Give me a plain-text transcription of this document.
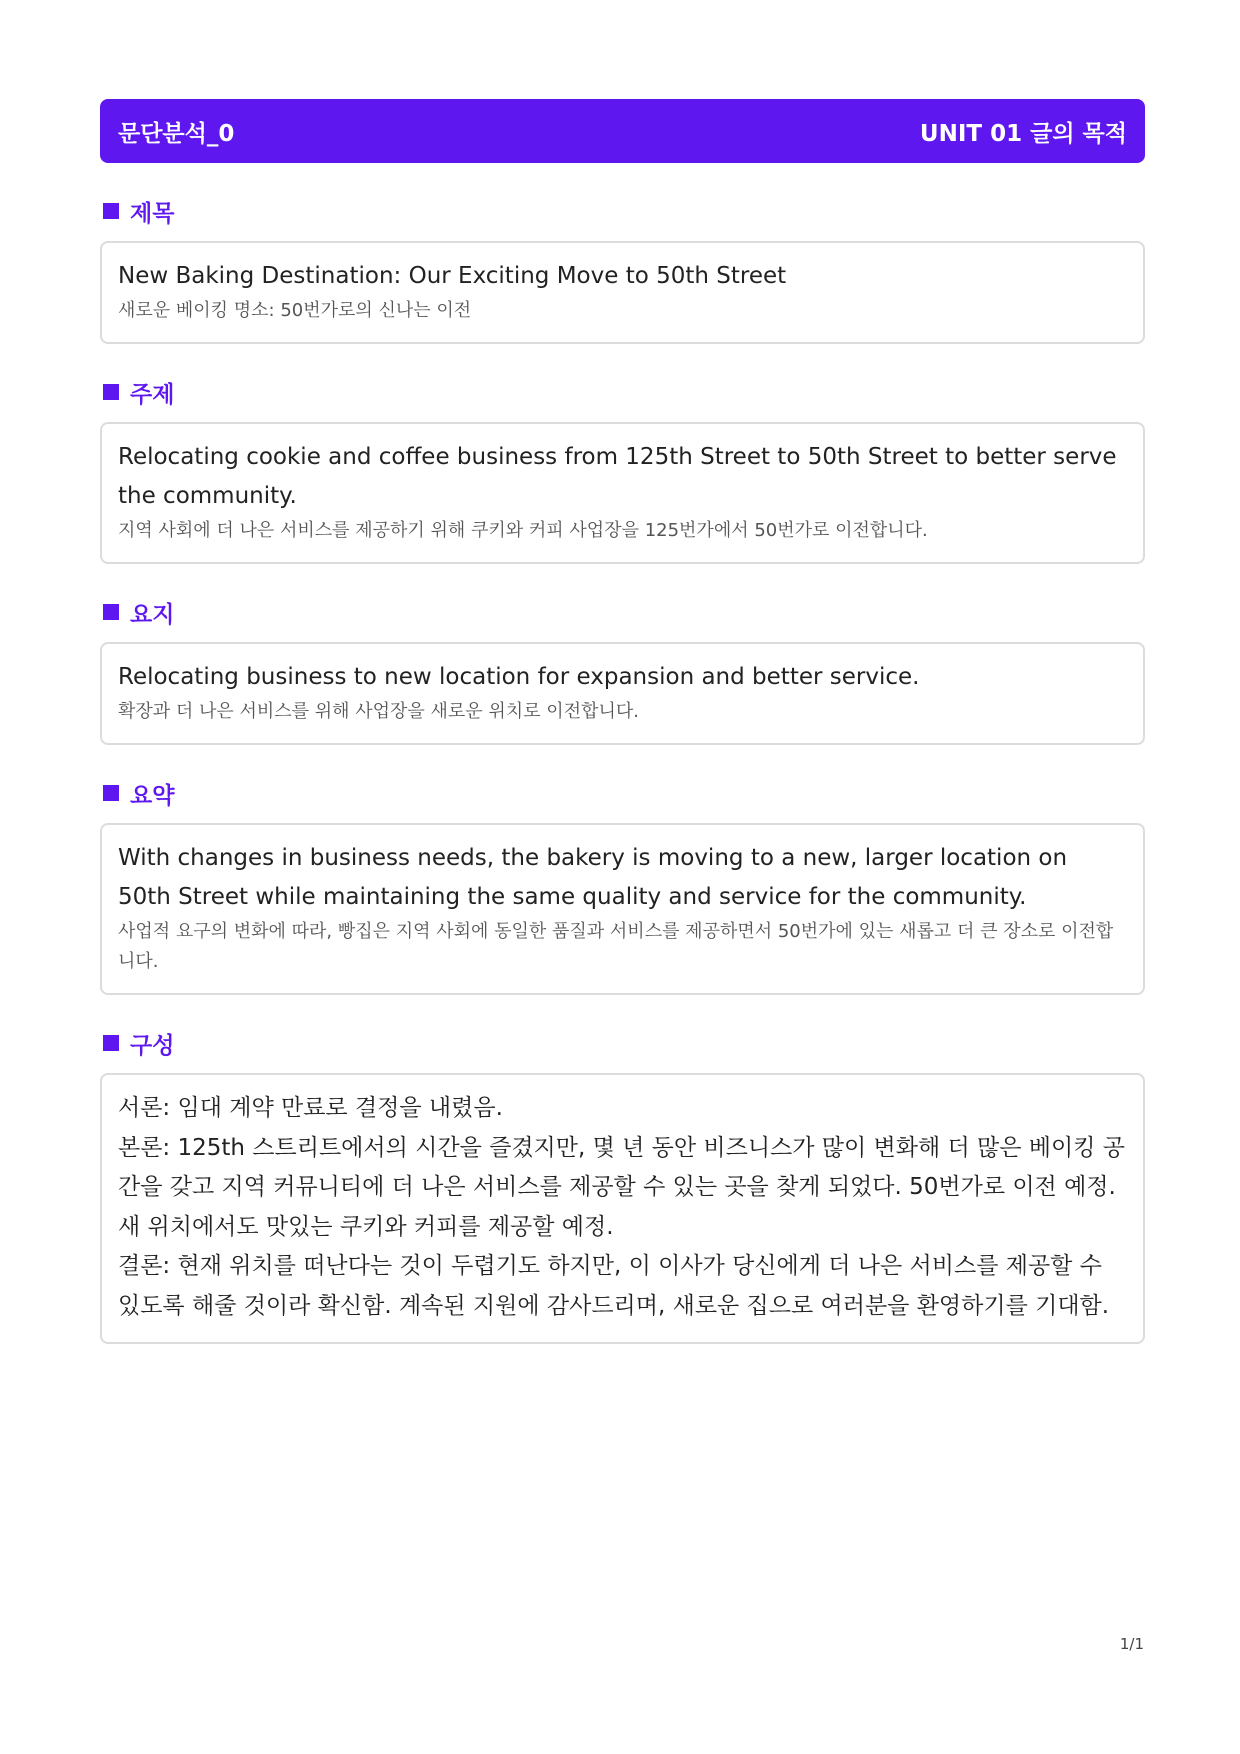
문단분석_0	UNIT 01 글의 목적
제목
New Baking Destination: Our Exciting Move to 50th Street
새로운 베이킹 명소: 50번가로의 신나는 이전
주제
Relocating cookie and coffee business from 125th Street to 50th Street to better serve the community.
지역 사회에 더 나은 서비스를 제공하기 위해 쿠키와 커피 사업장을 125번가에서 50번가로 이전합니다.
요지
Relocating business to new location for expansion and better service.
확장과 더 나은 서비스를 위해 사업장을 새로운 위치로 이전합니다.
요약
With changes in business needs, the bakery is moving to a new, larger location on 50th Street while maintaining the same quality and service for the community.
사업적 요구의 변화에 따라, 빵집은 지역 사회에 동일한 품질과 서비스를 제공하면서 50번가에 있는 새롭고 더 큰 장소로 이전합니다.
구성
서론: 임대 계약 만료로 결정을 내렸음.
본론: 125th 스트리트에서의 시간을 즐겼지만, 몇 년 동안 비즈니스가 많이 변화해 더 많은 베이킹 공간을 갖고 지역 커뮤니티에 더 나은 서비스를 제공할 수 있는 곳을 찾게 되었다. 50번가로 이전 예정. 새 위치에서도 맛있는 쿠키와 커피를 제공할 예정.
결론: 현재 위치를 떠난다는 것이 두렵기도 하지만, 이 이사가 당신에게 더 나은 서비스를 제공할 수 있도록 해줄 것이라 확신함. 계속된 지원에 감사드리며, 새로운 집으로 여러분을 환영하기를 기대함.
1/1
